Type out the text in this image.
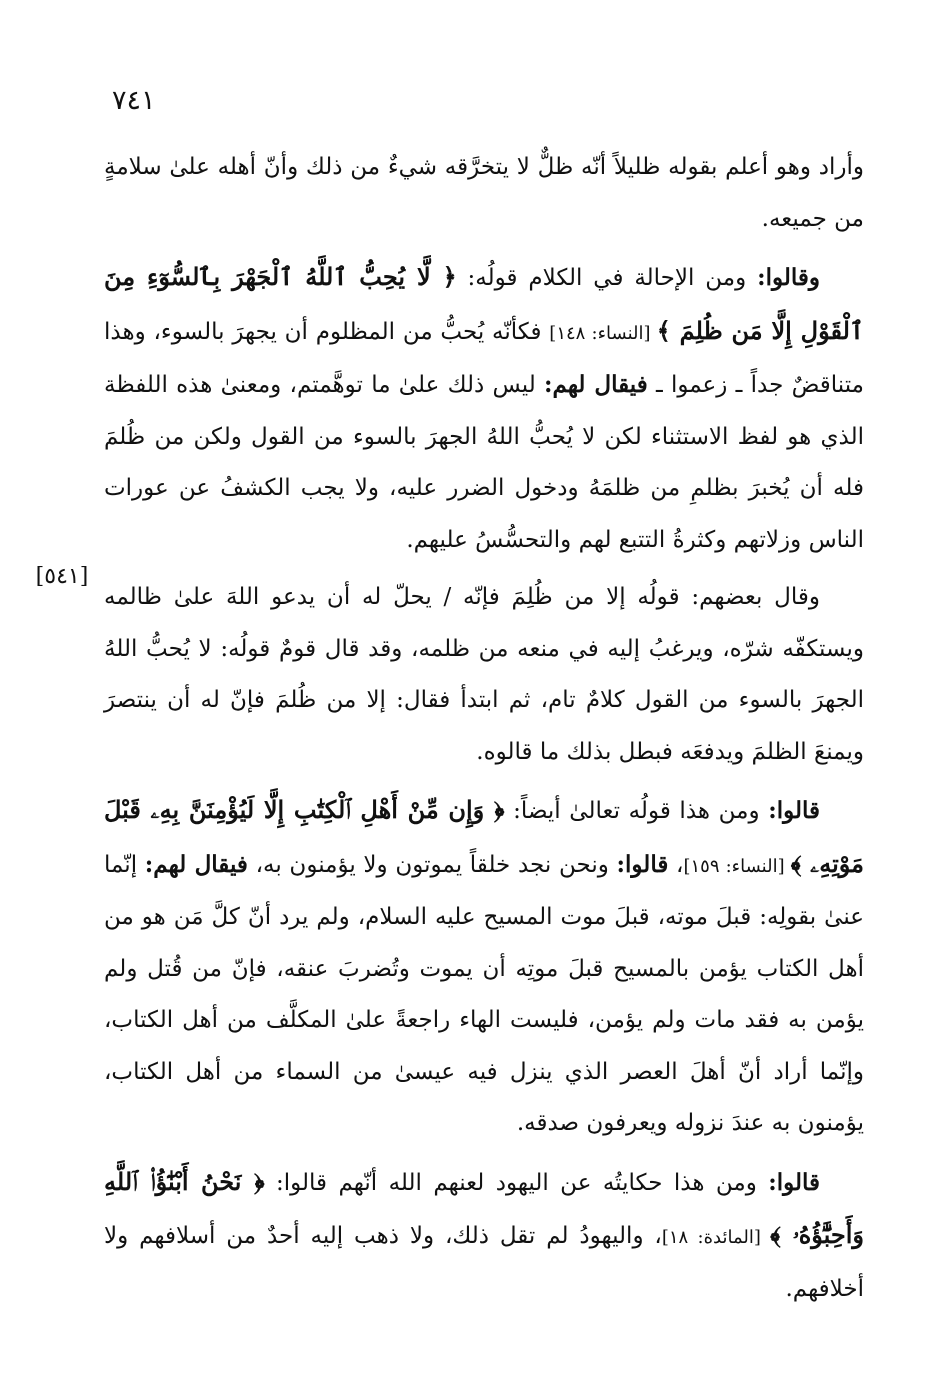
٧٤١
[٥٤١]

وأراد وهو أعلم بقوله ظليلاً أنّه ظلٌّ لا يتخرَّقه شيءٌ من ذلك وأنّ أهله علىٰ سلامةٍ من جميعه.

وقالوا: ومن الإحالة في الكلام قولُه: ﴿ لَّا يُحِبُّ ٱللَّهُ ٱلْجَهْرَ بِٱلسُّوٓءِ مِنَ ٱلْقَوْلِ إِلَّا مَن ظُلِمَ ﴾ [النساء: ١٤٨] فكأنّه يُحبُّ من المظلوم أن يجهرَ بالسوء، وهذا متناقضٌ جداً ـ زعموا ـ فيقال لهم: ليس ذلك علىٰ ما توهَّمتم، ومعنىٰ هذه اللفظة الذي هو لفظ الاستثناء لكن لا يُحبُّ اللهُ الجهرَ بالسوء من القول ولكن من ظُلمَ فله أن يُخبرَ بظلمِ من ظلمَهُ ودخول الضرر عليه، ولا يجب الكشفُ عن عورات الناس وزلاتهم وكثرةُ التتبع لهم والتحسُّسُ عليهم.

وقال بعضهم: قولُه إلا من ظُلِمَ فإنّه / يحلّ له أن يدعو اللهَ علىٰ ظالمه ويستكفّه شرّه، ويرغبُ إليه في منعه من ظلمه، وقد قال قومٌ قولُه: لا يُحبُّ اللهُ الجهرَ بالسوء من القول كلامٌ تام، ثم ابتدأ فقال: إلا من ظُلمَ فإنّ له أن ينتصرَ ويمنعَ الظلمَ ويدفعَه فبطل بذلك ما قالوه.

قالوا: ومن هذا قولُه تعالىٰ أيضاً: ﴿ وَإِن مِّنْ أَهْلِ ٱلْكِتَٰبِ إِلَّا لَيُؤْمِنَنَّ بِهِۦ قَبْلَ مَوْتِهِۦ ﴾ [النساء: ١٥٩]، قالوا: ونحن نجد خلقاً يموتون ولا يؤمنون به، فيقال لهم: إنّما عنىٰ بقولِه: قبلَ موته، قبلَ موت المسيح عليه السلام، ولم يرد أنّ كلَّ مَن هو من أهل الكتاب يؤمن بالمسيح قبلَ موتِه أن يموت وتُضربَ عنقه، فإنّ من قُتل ولم يؤمن به فقد مات ولم يؤمن، فليست الهاء راجعةً علىٰ المكلَّف من أهل الكتاب، وإنّما أراد أنّ أهلَ العصر الذي ينزل فيه عيسىٰ من السماء من أهل الكتاب، يؤمنون به عندَ نزوله ويعرفون صدقه.

قالوا: ومن هذا حكايتُه عن اليهود لعنهم الله أنّهم قالوا: ﴿ نَحْنُ أَبْنَٰٓؤُا۟ ٱللَّهِ وَأَحِبَّٰٓؤُهُۥ ﴾ [المائدة: ١٨]، واليهودُ لم تقل ذلك، ولا ذهب إليه أحدٌ من أسلافهم ولا أخلافهم.
